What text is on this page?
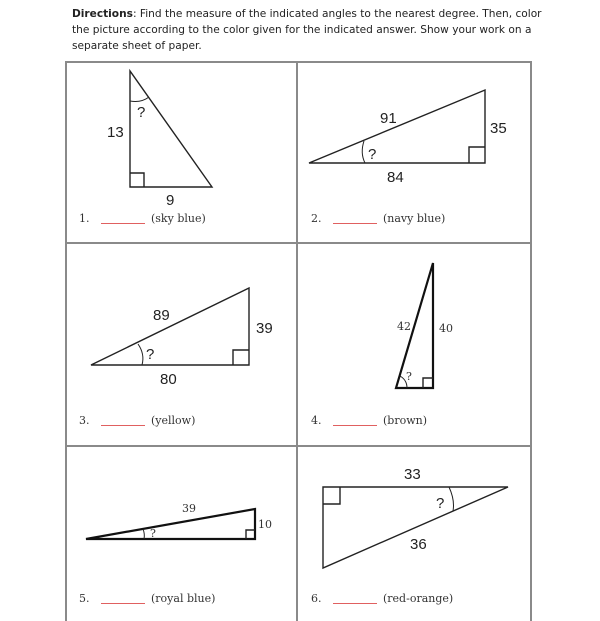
Directions: Find the measure of the indicated angles to the nearest degree. Then, color the picture according to the color given for the indicated answer. Show your work on a separate sheet of paper.
?
13
9
1.	(sky blue)
?
91
35
84
2.	(navy blue)
?
89
39
80
3.	(yellow)
?
42	40
4.	(brown)
?
39
10
5.	(royal blue)
?
33
36
6.	(red-orange)
